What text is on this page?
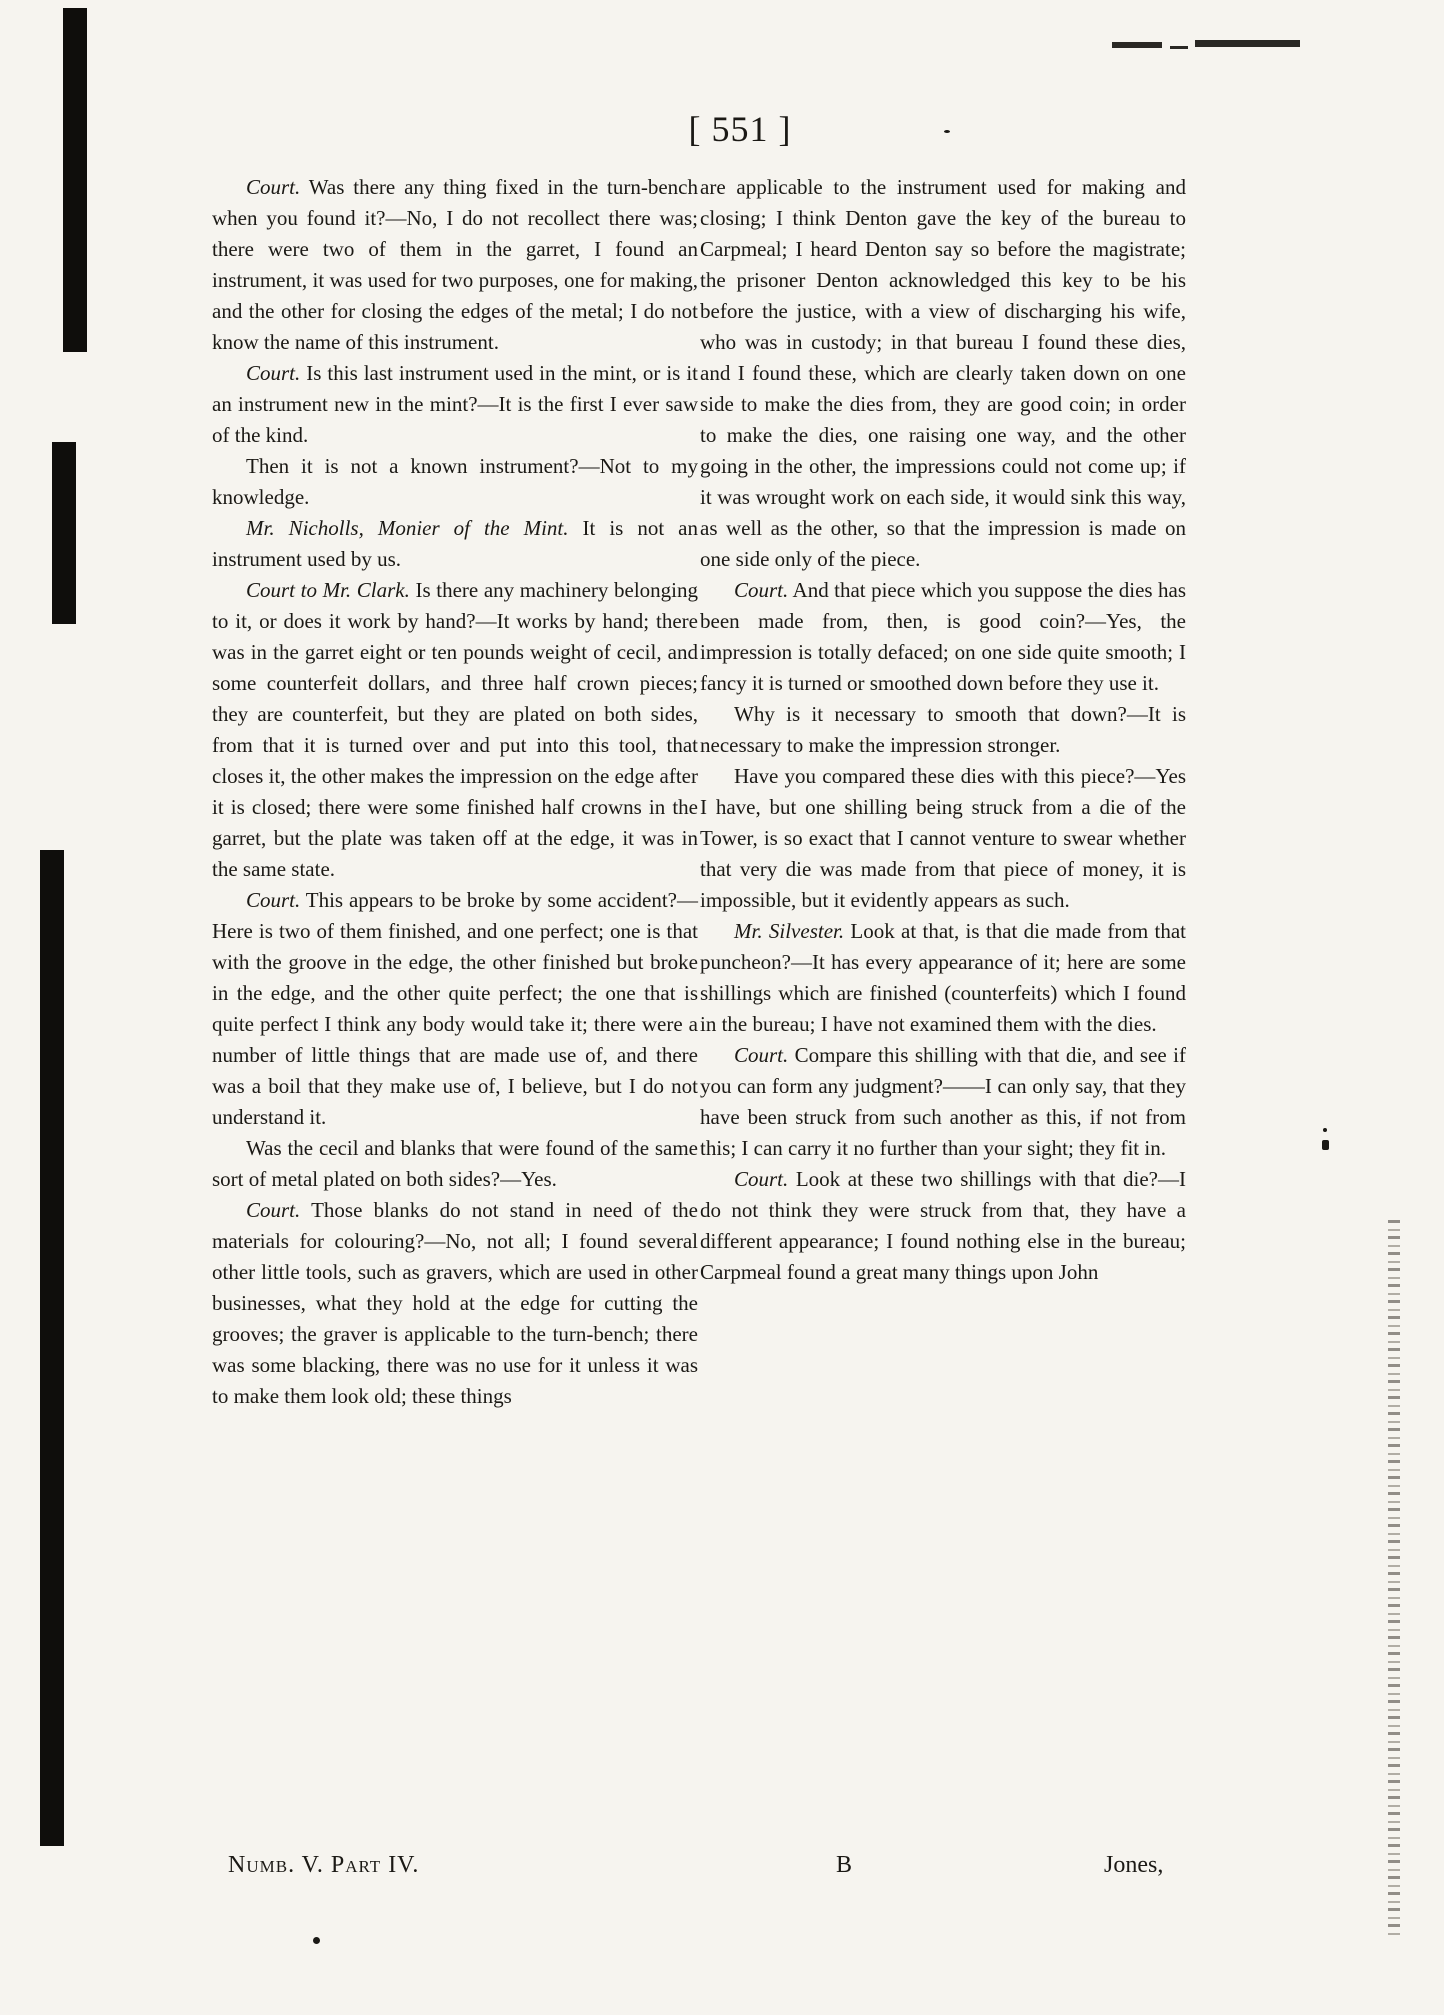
[ 551 ]

Court. Was there any thing fixed in the turn-bench when you found it?—No, I do not recollect there was; there were two of them in the garret, I found an instrument, it was used for two purposes, one for making, and the other for closing the edges of the metal; I do not know the name of this instrument.

Court. Is this last instrument used in the mint, or is it an instrument new in the mint?—It is the first I ever saw of the kind.

Then it is not a known instrument?—Not to my knowledge.

Mr. Nicholls, Monier of the Mint. It is not an instrument used by us.

Court to Mr. Clark. Is there any machinery belonging to it, or does it work by hand?—It works by hand; there was in the garret eight or ten pounds weight of cecil, and some counterfeit dollars, and three half crown pieces; they are counterfeit, but they are plated on both sides, from that it is turned over and put into this tool, that closes it, the other makes the impression on the edge after it is closed; there were some finished half crowns in the garret, but the plate was taken off at the edge, it was in the same state.

Court. This appears to be broke by some accident?—Here is two of them finished, and one perfect; one is that with the groove in the edge, the other finished but broke in the edge, and the other quite perfect; the one that is quite perfect I think any body would take it; there were a number of little things that are made use of, and there was a boil that they make use of, I believe, but I do not understand it.

Was the cecil and blanks that were found of the same sort of metal plated on both sides?—Yes.

Court. Those blanks do not stand in need of the materials for colouring?—No, not all; I found several other little tools, such as gravers, which are used in other businesses, what they hold at the edge for cutting the grooves; the graver is applicable to the turn-bench; there was some blacking, there was no use for it unless it was to make them look old; these things

are applicable to the instrument used for making and closing; I think Denton gave the key of the bureau to Carpmeal; I heard Denton say so before the magistrate; the prisoner Denton acknowledged this key to be his before the justice, with a view of discharging his wife, who was in custody; in that bureau I found these dies, and I found these, which are clearly taken down on one side to make the dies from, they are good coin; in order to make the dies, one raising one way, and the other going in the other, the impressions could not come up; if it was wrought work on each side, it would sink this way, as well as the other, so that the impression is made on one side only of the piece.

Court. And that piece which you suppose the dies has been made from, then, is good coin?—Yes, the impression is totally defaced; on one side quite smooth; I fancy it is turned or smoothed down before they use it.

Why is it necessary to smooth that down?—It is necessary to make the impression stronger.

Have you compared these dies with this piece?—Yes I have, but one shilling being struck from a die of the Tower, is so exact that I cannot venture to swear whether that very die was made from that piece of money, it is impossible, but it evidently appears as such.

Mr. Silvester. Look at that, is that die made from that puncheon?—It has every appearance of it; here are some shillings which are finished (counterfeits) which I found in the bureau; I have not examined them with the dies.

Court. Compare this shilling with that die, and see if you can form any judgment?——I can only say, that they have been struck from such another as this, if not from this; I can carry it no further than your sight; they fit in.

Court. Look at these two shillings with that die?—I do not think they were struck from that, they have a different appearance; I found nothing else in the bureau; Carpmeal found a great many things upon John

Numb. V. Part IV.	B	Jones,
